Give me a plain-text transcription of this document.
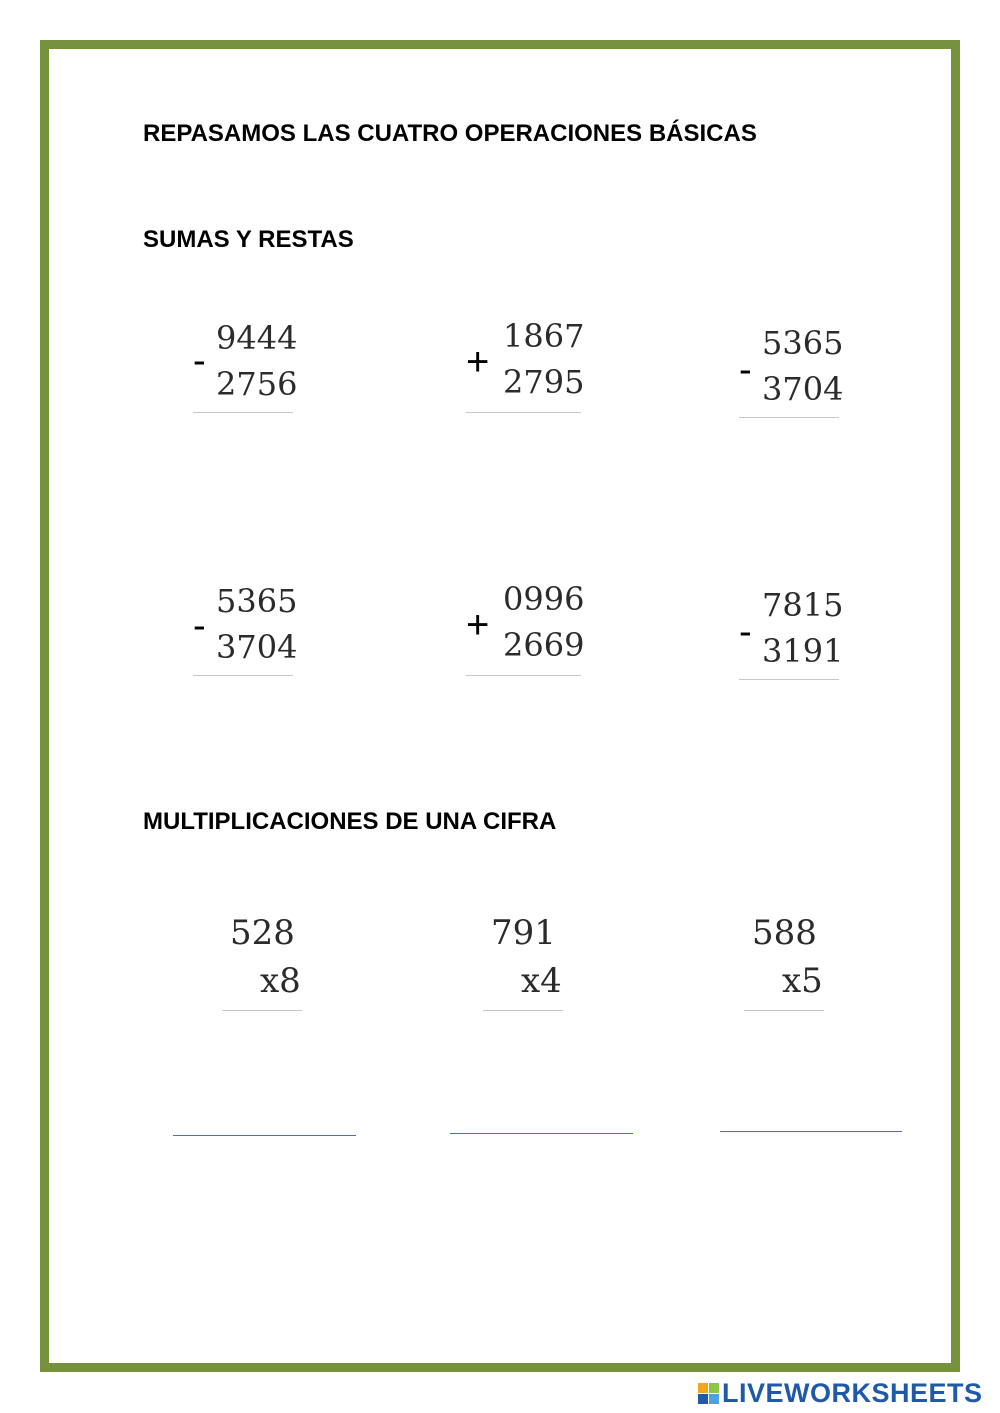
REPASAMOS LAS CUATRO OPERACIONES BÁSICAS
SUMAS Y RESTAS
-
9444
2756	+
1867
2795	-
5365
3704
-
5365
3704	+
0996
2669	-
7815
3191
MULTIPLICACIONES DE UNA CIFRA
528
x8
791
x4
588
x5
LIVEWORKSHEETS
